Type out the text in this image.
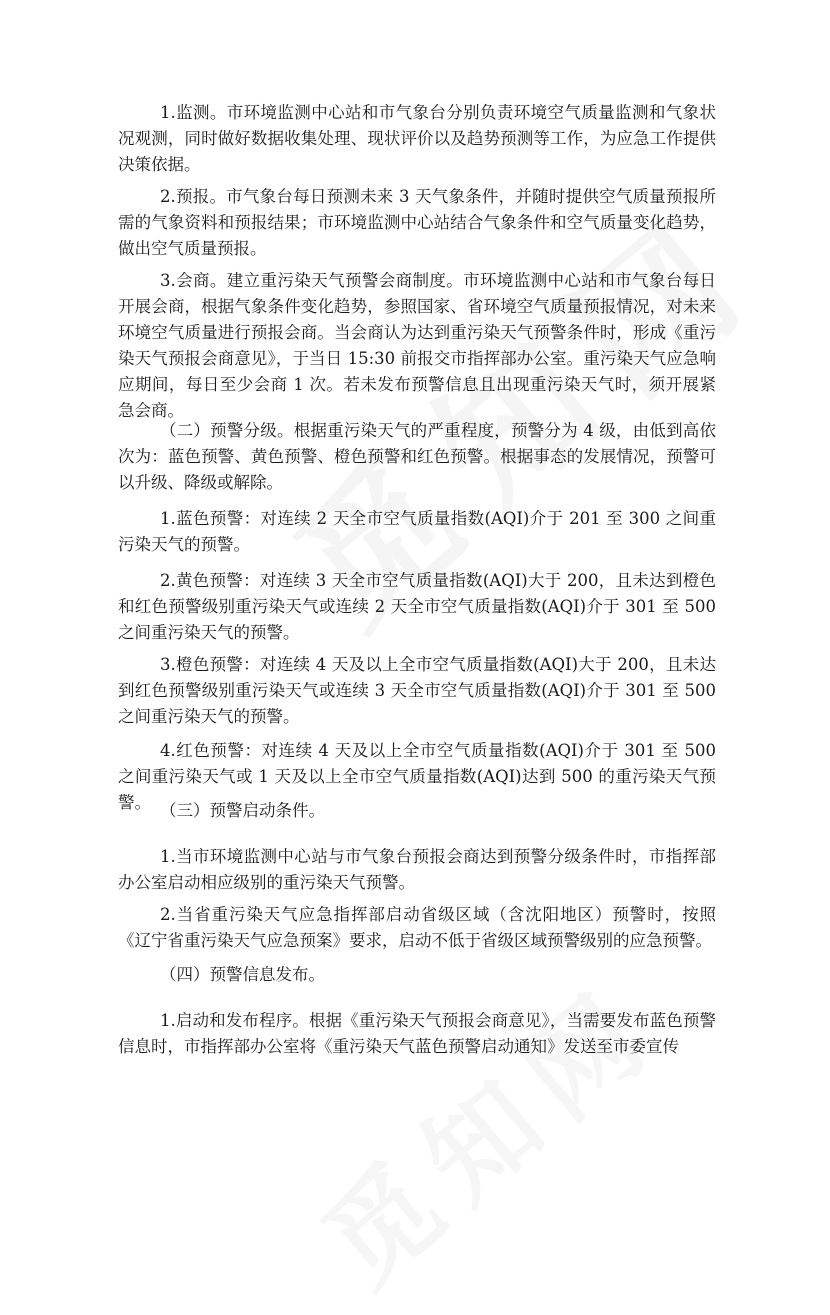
1.监测。市环境监测中心站和市气象台分别负责环境空气质量监测和气象状况观测，同时做好数据收集处理、现状评价以及趋势预测等工作，为应急工作提供决策依据。

2.预报。市气象台每日预测未来 3 天气象条件，并随时提供空气质量预报所需的气象资料和预报结果；市环境监测中心站结合气象条件和空气质量变化趋势，做出空气质量预报。

3.会商。建立重污染天气预警会商制度。市环境监测中心站和市气象台每日开展会商，根据气象条件变化趋势，参照国家、省环境空气质量预报情况，对未来环境空气质量进行预报会商。当会商认为达到重污染天气预警条件时，形成《重污染天气预报会商意见》，于当日 15:30 前报交市指挥部办公室。重污染天气应急响应期间，每日至少会商 1 次。若未发布预警信息且出现重污染天气时，须开展紧急会商。

（二）预警分级。根据重污染天气的严重程度，预警分为 4 级，由低到高依次为：蓝色预警、黄色预警、橙色预警和红色预警。根据事态的发展情况，预警可以升级、降级或解除。

1.蓝色预警：对连续 2 天全市空气质量指数(AQI)介于 201 至 300 之间重污染天气的预警。

2.黄色预警：对连续 3 天全市空气质量指数(AQI)大于 200，且未达到橙色和红色预警级别重污染天气或连续 2 天全市空气质量指数(AQI)介于 301 至 500 之间重污染天气的预警。

3.橙色预警：对连续 4 天及以上全市空气质量指数(AQI)大于 200，且未达到红色预警级别重污染天气或连续 3 天全市空气质量指数(AQI)介于 301 至 500 之间重污染天气的预警。

4.红色预警：对连续 4 天及以上全市空气质量指数(AQI)介于 301 至 500 之间重污染天气或 1 天及以上全市空气质量指数(AQI)达到 500 的重污染天气预警。 （三）预警启动条件。

1.当市环境监测中心站与市气象台预报会商达到预警分级条件时，市指挥部办公室启动相应级别的重污染天气预警。

2.当省重污染天气应急指挥部启动省级区域（含沈阳地区）预警时，按照《辽宁省重污染天气应急预案》要求，启动不低于省级区域预警级别的应急预警。

（四）预警信息发布。

1.启动和发布程序。根据《重污染天气预报会商意见》，当需要发布蓝色预警信息时，市指挥部办公室将《重污染天气蓝色预警启动通知》发送至市委宣传
